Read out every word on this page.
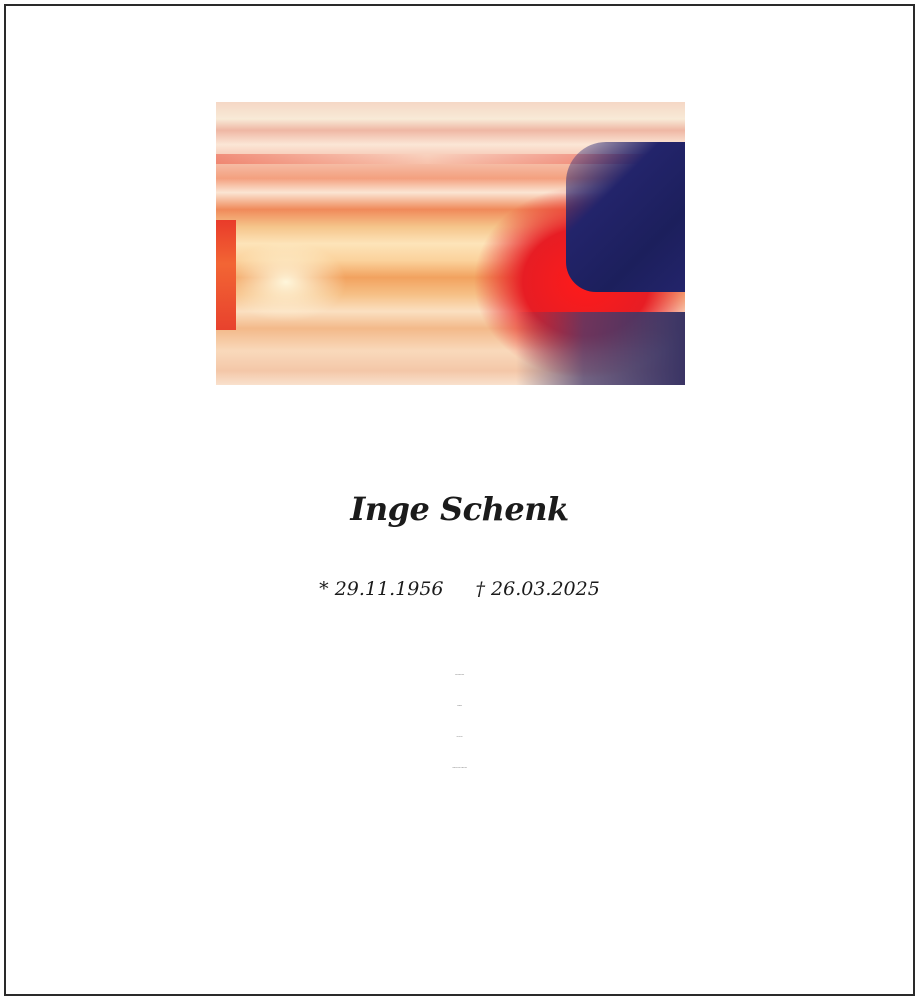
Inge Schenk
* 29.11.1956 † 26.03.2025
Dein Hans-Josef
Henning
Jan-Niklas
Ellen und Marco mit Leon
